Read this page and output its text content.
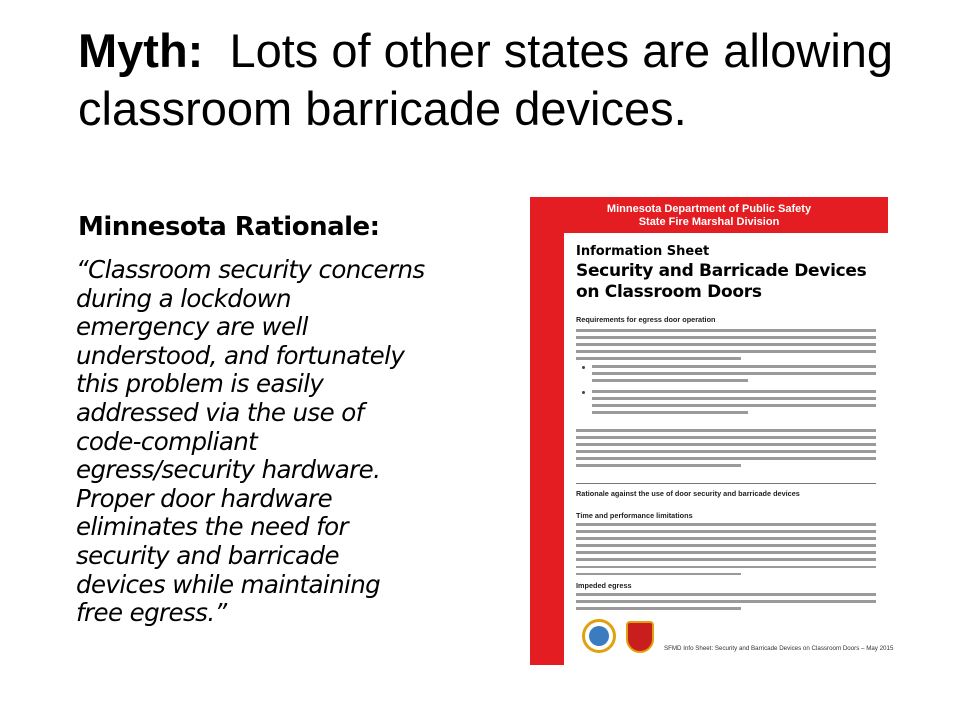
Myth: Lots of other states are allowing classroom barricade devices.
Minnesota Rationale:
“Classroom security concerns
during a lockdown
emergency are well
understood, and fortunately
this problem is easily
addressed via the use of
code-compliant
egress/security hardware.
Proper door hardware
eliminates the need for
security and barricade
devices while maintaining
free egress.”
Minnesota Department of Public Safety
State Fire Marshal Division
Information Sheet
Security and Barricade Devices on Classroom Doors
Requirements for egress door operation
Rationale against the use of door security and barricade devices
Time and performance limitations
Impeded egress
SFMD Info Sheet: Security and Barricade Devices on Classroom Doors – May 2015
